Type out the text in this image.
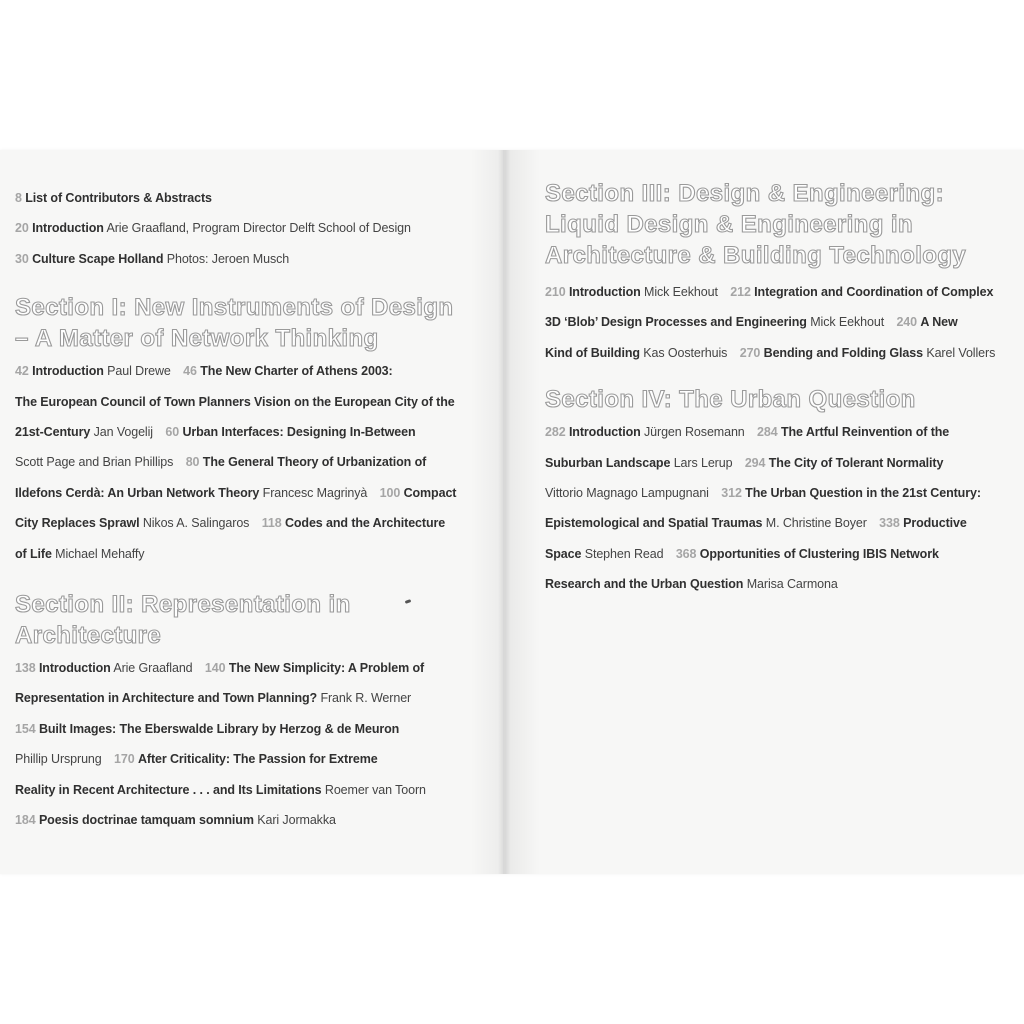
8 List of Contributors & Abstracts
20 Introduction Arie Graafland, Program Director Delft School of Design
30 Culture Scape Holland Photos: Jeroen Musch
Section I: New Instruments of Design
– A Matter of Network Thinking
42 Introduction Paul Drewe 46 The New Charter of Athens 2003:
The European Council of Town Planners Vision on the European City of the
21st-Century Jan Vogelij 60 Urban Interfaces: Designing In-Between
Scott Page and Brian Phillips 80 The General Theory of Urbanization of
Ildefons Cerdà: An Urban Network Theory Francesc Magrinyà 100 Compact
City Replaces Sprawl Nikos A. Salingaros 118 Codes and the Architecture
of Life Michael Mehaffy
Section II: Representation in
Architecture
138 Introduction Arie Graafland 140 The New Simplicity: A Problem of
Representation in Architecture and Town Planning? Frank R. Werner
154 Built Images: The Eberswalde Library by Herzog & de Meuron
Phillip Ursprung 170 After Criticality: The Passion for Extreme
Reality in Recent Architecture . . . and Its Limitations Roemer van Toorn
184 Poesis doctrinae tamquam somnium Kari Jormakka
Section III: Design & Engineering:
Liquid Design & Engineering in
Architecture & Building Technology
210 Introduction Mick Eekhout 212 Integration and Coordination of Complex
3D ‘Blob’ Design Processes and Engineering Mick Eekhout 240 A New
Kind of Building Kas Oosterhuis 270 Bending and Folding Glass Karel Vollers
Section IV: The Urban Question
282 Introduction Jürgen Rosemann 284 The Artful Reinvention of the
Suburban Landscape Lars Lerup 294 The City of Tolerant Normality
Vittorio Magnago Lampugnani 312 The Urban Question in the 21st Century:
Epistemological and Spatial Traumas M. Christine Boyer 338 Productive
Space Stephen Read 368 Opportunities of Clustering IBIS Network
Research and the Urban Question Marisa Carmona
